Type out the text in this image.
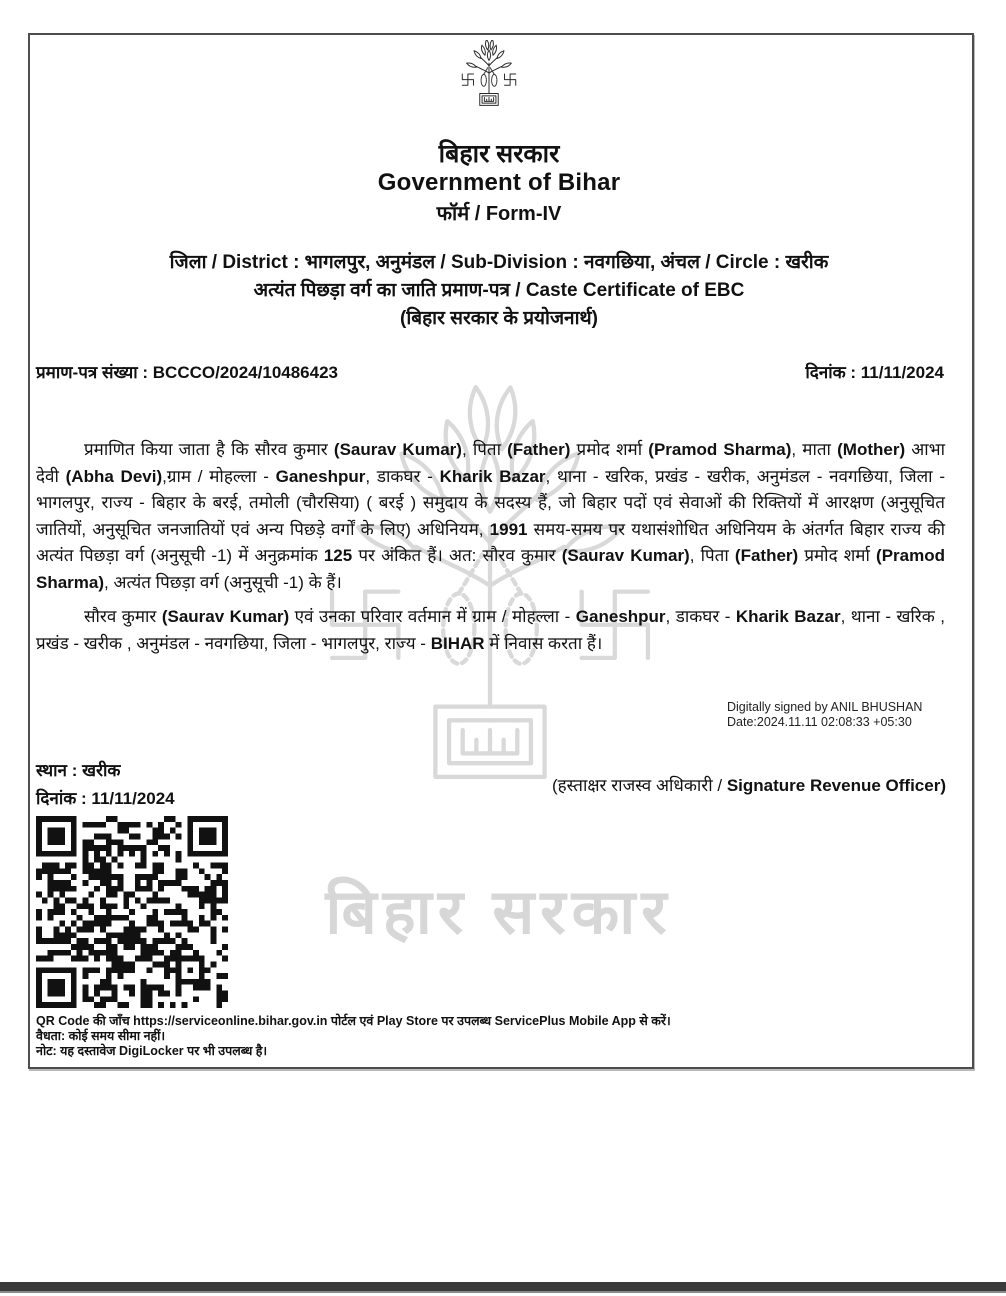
बिहार सरकार
बिहार सरकार
Government of Bihar
फॉर्म / Form-IV
जिला / District : भागलपुर, अनुमंडल / Sub-Division : नवगछिया, अंचल / Circle : खरीक
अत्यंत पिछड़ा वर्ग का जाति प्रमाण-पत्र / Caste Certificate of EBC
(बिहार सरकार के प्रयोजनार्थ)
प्रमाण-पत्र संख्या : BCCCO/2024/10486423	दिनांक : 11/11/2024
प्रमाणित किया जाता है कि सौरव कुमार (Saurav Kumar), पिता (Father) प्रमोद शर्मा (Pramod Sharma), माता (Mother) आभा देवी (Abha Devi),ग्राम / मोहल्ला - Ganeshpur, डाकघर - Kharik Bazar, थाना - खरिक, प्रखंड - खरीक, अनुमंडल - नवगछिया, जिला - भागलपुर, राज्य - बिहार के बरई, तमोली (चौरसिया) ( बरई ) समुदाय के सदस्य हैं, जो बिहार पदों एवं सेवाओं की रिक्तियों में आरक्षण (अनुसूचित जातियों, अनुसूचित जनजातियों एवं अन्य पिछड़े वर्गों के लिए) अधिनियम, 1991 समय-समय पर यथासंशोधित अधिनियम के अंतर्गत बिहार राज्य की अत्यंत पिछड़ा वर्ग (अनुसूची -1) में अनुक्रमांक 125 पर अंकित हैं। अत: सौरव कुमार (Saurav Kumar), पिता (Father) प्रमोद शर्मा (Pramod Sharma), अत्यंत पिछड़ा वर्ग (अनुसूची -1) के हैं।
सौरव कुमार (Saurav Kumar) एवं उनका परिवार वर्तमान में ग्राम / मोहल्ला - Ganeshpur, डाकघर - Kharik Bazar, थाना - खरिक , प्रखंड - खरीक , अनुमंडल - नवगछिया, जिला - भागलपुर, राज्य - BIHAR में निवास करता हैं।
Digitally signed by ANIL BHUSHAN
Date:2024.11.11 02:08:33 +05:30
स्थान : खरीक
दिनांक : 11/11/2024
(हस्ताक्षर राजस्व अधिकारी / Signature Revenue Officer)
QR Code की जाँच https://serviceonline.bihar.gov.in पोर्टल एवं Play Store पर उपलब्ध ServicePlus Mobile App से करें।
वैधता: कोई समय सीमा नहीं।
नोट: यह दस्तावेज DigiLocker पर भी उपलब्ध है।
